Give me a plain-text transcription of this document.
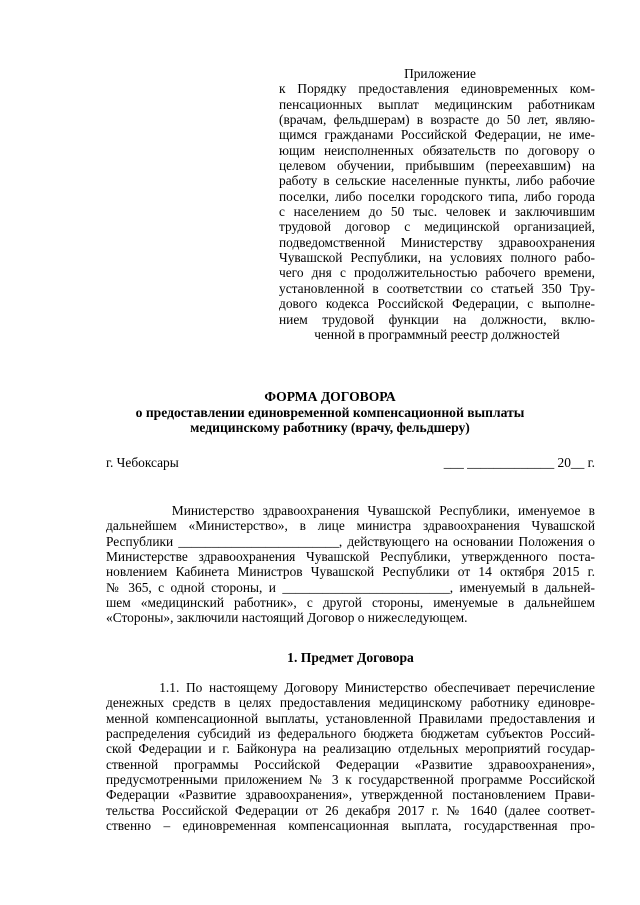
Приложение
к Порядку предоставления единовременных ком-
пенсационных выплат медицинским работникам
(врачам, фельдшерам) в возрасте до 50 лет, являю-
щимся гражданами Российской Федерации, не име-
ющим неисполненных обязательств по договору о
целевом обучении, прибывшим (переехавшим) на
работу в сельские населенные пункты, либо рабочие
поселки, либо поселки городского типа, либо города
с населением до 50 тыс. человек и заключившим
трудовой договор с медицинской организацией,
подведомственной Министерству здравоохранения
Чувашской Республики, на условиях полного рабо-
чего дня с продолжительностью рабочего времени,
установленной в соответствии со статьей 350 Тру-
дового кодекса Российской Федерации, с выполне-
нием трудовой функции на должности, вклю-
ченной в программный реестр должностей
ФОРМА ДОГОВОРА
о предоставлении единовременной компенсационной выплаты
медицинскому работнику (врачу, фельдшеру)
г. Чебоксары	___ _____________ 20__ г.
Министерство здравоохранения Чувашской Республики, именуемое в
дальнейшем «Министерство», в лице министра здравоохранения Чувашской
Республики ________________________, действующего на основании Положения о
Министерстве здравоохранения Чувашской Республики, утвержденного поста-
новлением Кабинета Министров Чувашской Республики от 14 октября 2015 г.
№ 365, с одной стороны, и _________________________, именуемый в дальней-
шем «медицинский работник», с другой стороны, именуемые в дальнейшем
«Стороны», заключили настоящий Договор о нижеследующем.
1. Предмет Договора
1.1. По настоящему Договору Министерство обеспечивает перечисление
денежных средств в целях предоставления медицинскому работнику единовре-
менной компенсационной выплаты, установленной Правилами предоставления и
распределения субсидий из федерального бюджета бюджетам субъектов Россий-
ской Федерации и г. Байконура на реализацию отдельных мероприятий государ-
ственной программы Российской Федерации «Развитие здравоохранения»,
предусмотренными приложением № 3 к государственной программе Российской
Федерации «Развитие здравоохранения», утвержденной постановлением Прави-
тельства Российской Федерации от 26 декабря 2017 г. № 1640 (далее соответ-
ственно – единовременная компенсационная выплата, государственная про-
